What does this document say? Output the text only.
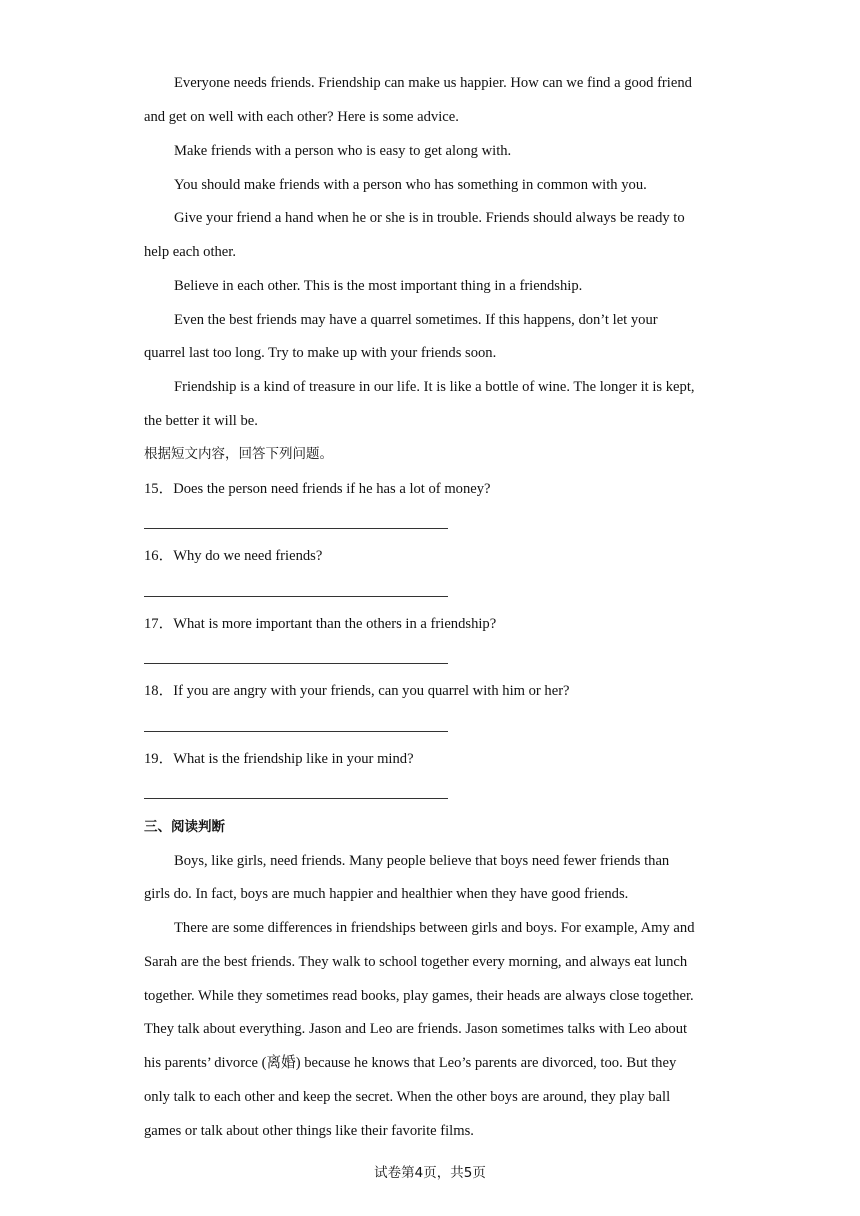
Everyone needs friends. Friendship can make us happier. How can we find a good friend
and get on well with each other? Here is some advice.
Make friends with a person who is easy to get along with.
You should make friends with a person who has something in common with you.
Give your friend a hand when he or she is in trouble. Friends should always be ready to
help each other.
Believe in each other. This is the most important thing in a friendship.
Even the best friends may have a quarrel sometimes. If this happens, don’t let your
quarrel last too long. Try to make up with your friends soon.
Friendship is a kind of treasure in our life. It is like a bottle of wine. The longer it is kept,
the better it will be.
根据短文内容，回答下列问题。
15．Does the person need friends if he has a lot of money?
16．Why do we need friends?
17．What is more important than the others in a friendship?
18．If you are angry with your friends, can you quarrel with him or her?
19．What is the friendship like in your mind?
三、阅读判断
Boys, like girls, need friends. Many people believe that boys need fewer friends than
girls do. In fact, boys are much happier and healthier when they have good friends.
There are some differences in friendships between girls and boys. For example, Amy and
Sarah are the best friends. They walk to school together every morning, and always eat lunch
together. While they sometimes read books, play games, their heads are always close together.
They talk about everything. Jason and Leo are friends. Jason sometimes talks with Leo about
his parents’ divorce (离婚) because he knows that Leo’s parents are divorced, too. But they
only talk to each other and keep the secret. When the other boys are around, they play ball
games or talk about other things like their favorite films.
试卷第4页，共5页
